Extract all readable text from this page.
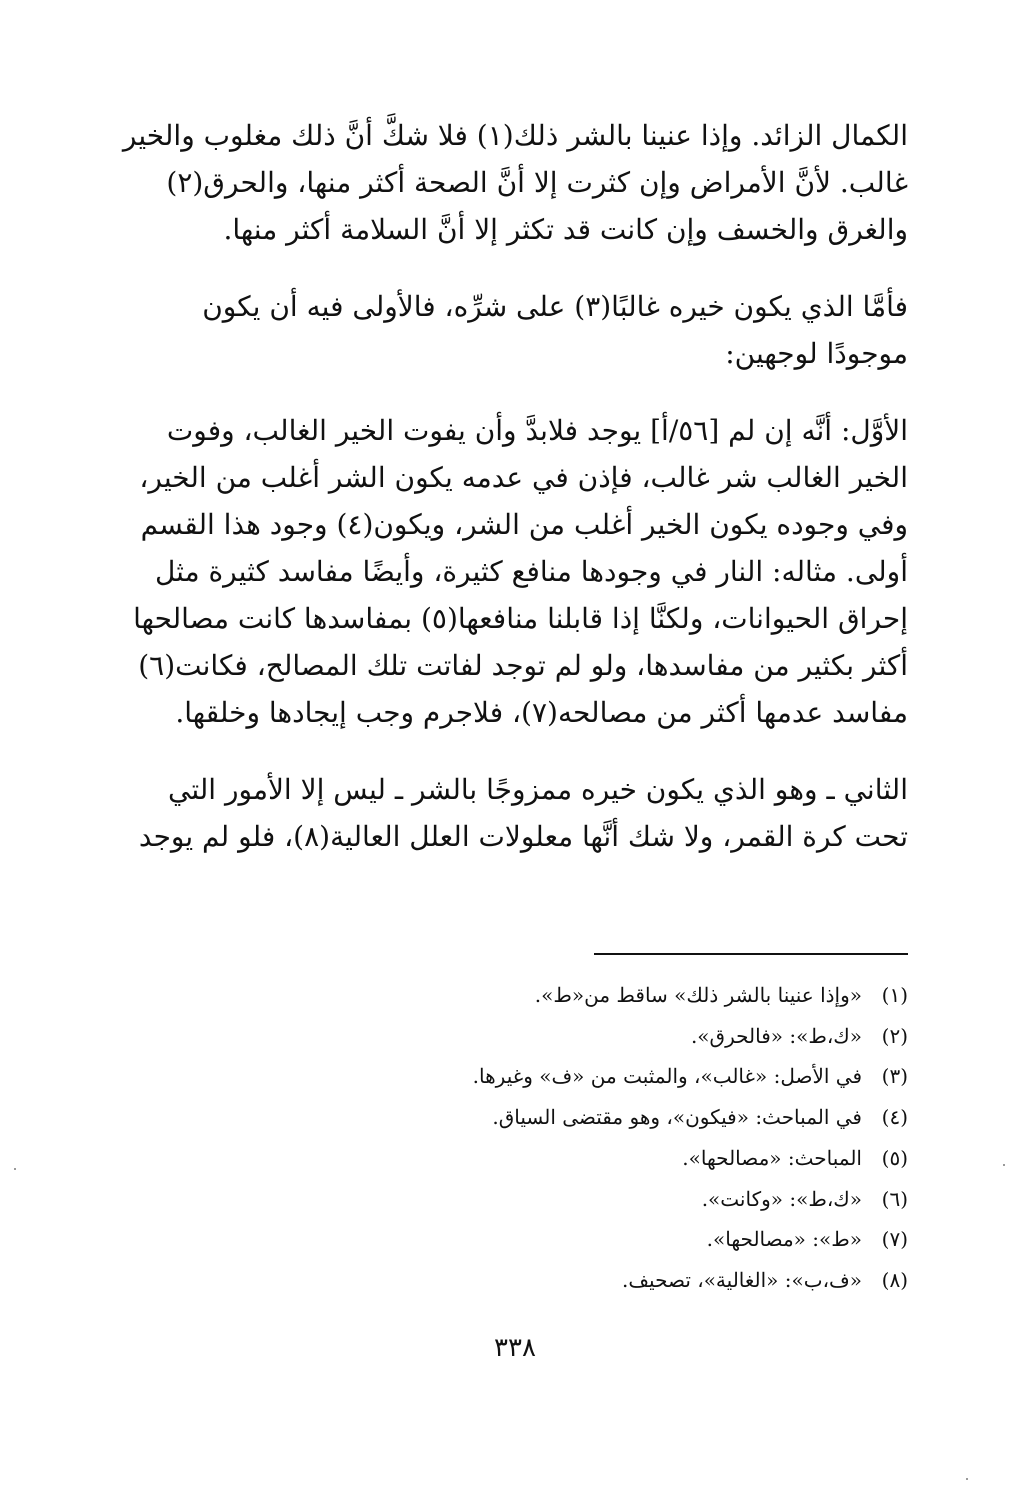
الكمال الزائد. وإذا عنينا بالشر ذلك(١) فلا شكَّ أنَّ ذلك مغلوب والخير
غالب. لأنَّ الأمراض وإن كثرت إلا أنَّ الصحة أكثر منها، والحرق(٢)
والغرق والخسف وإن كانت قد تكثر إلا أنَّ السلامة أكثر منها.

فأمَّا الذي يكون خيره غالبًا(٣) على شرِّه، فالأولى فيه أن يكون
موجودًا لوجهين:

الأوَّل: أنَّه إن لم [٥٦/أ] يوجد فلابدَّ وأن يفوت الخير الغالب، وفوت
الخير الغالب شر غالب، فإذن في عدمه يكون الشر أغلب من الخير،
وفي وجوده يكون الخير أغلب من الشر، ويكون(٤) وجود هذا القسم
أولى. مثاله: النار في وجودها منافع كثيرة، وأيضًا مفاسد كثيرة مثل
إحراق الحيوانات، ولكنَّا إذا قابلنا منافعها(٥) بمفاسدها كانت مصالحها
أكثر بكثير من مفاسدها، ولو لم توجد لفاتت تلك المصالح، فكانت(٦)
مفاسد عدمها أكثر من مصالحه(٧)، فلاجرم وجب إيجادها وخلقها.

الثاني ـ وهو الذي يكون خيره ممزوجًا بالشر ـ ليس إلا الأمور التي
تحت كرة القمر، ولا شك أنَّها معلولات العلل العالية(٨)، فلو لم يوجد

(١)
«وإذا عنينا بالشر ذلك» ساقط من«ط».
(٢)
«ك،ط»: «فالحرق».
(٣)
في الأصل: «غالب»، والمثبت من «ف» وغيرها.
(٤)
في المباحث: «فيكون»، وهو مقتضى السياق.
(٥)
المباحث: «مصالحها».
(٦)
«ك،ط»: «وكانت».
(٧)
«ط»: «مصالحها».
(٨)
«ف،ب»: «الغالية»، تصحيف.
٣٣٨
